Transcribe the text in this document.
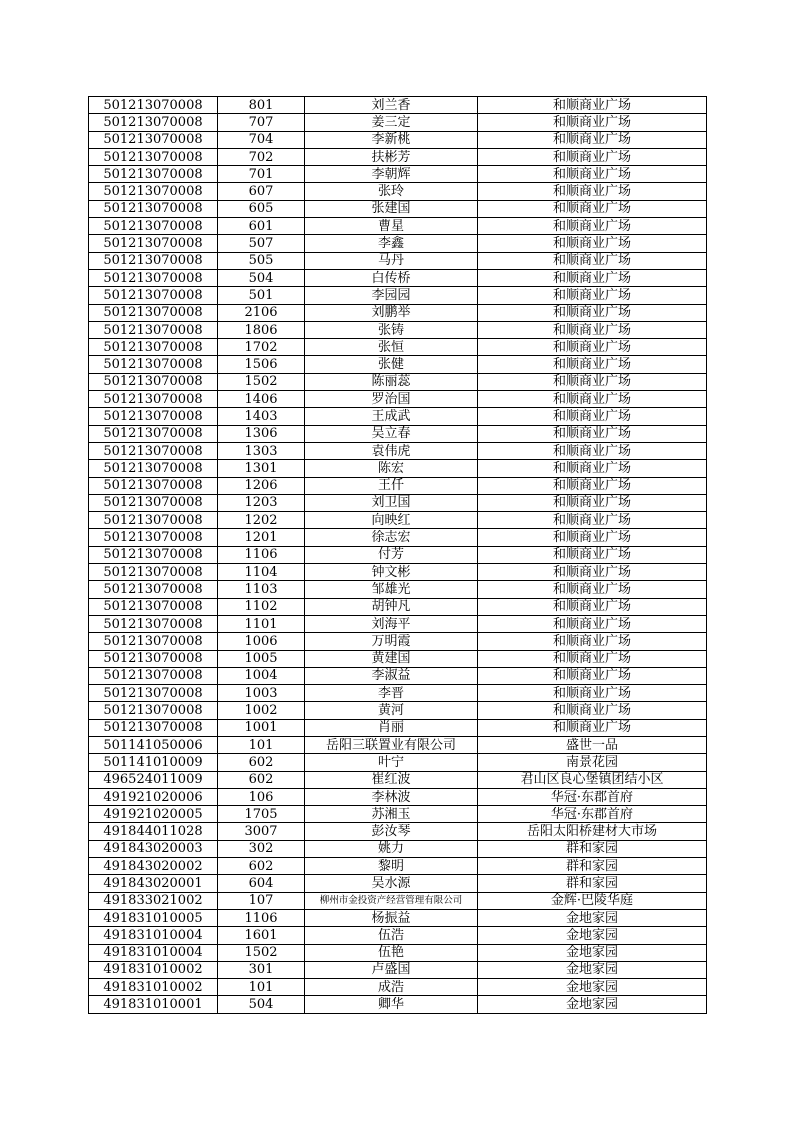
501213070008	801	刘兰香	和顺商业广场
501213070008	707	姜三定	和顺商业广场
501213070008	704	李新桃	和顺商业广场
501213070008	702	扶彬芳	和顺商业广场
501213070008	701	李朝辉	和顺商业广场
501213070008	607	张玲	和顺商业广场
501213070008	605	张建国	和顺商业广场
501213070008	601	曹星	和顺商业广场
501213070008	507	李鑫	和顺商业广场
501213070008	505	马丹	和顺商业广场
501213070008	504	白传桥	和顺商业广场
501213070008	501	李园园	和顺商业广场
501213070008	2106	刘鹏举	和顺商业广场
501213070008	1806	张铸	和顺商业广场
501213070008	1702	张恒	和顺商业广场
501213070008	1506	张健	和顺商业广场
501213070008	1502	陈丽蕊	和顺商业广场
501213070008	1406	罗治国	和顺商业广场
501213070008	1403	王成武	和顺商业广场
501213070008	1306	吴立春	和顺商业广场
501213070008	1303	袁伟虎	和顺商业广场
501213070008	1301	陈宏	和顺商业广场
501213070008	1206	王仟	和顺商业广场
501213070008	1203	刘卫国	和顺商业广场
501213070008	1202	向映红	和顺商业广场
501213070008	1201	徐志宏	和顺商业广场
501213070008	1106	付芳	和顺商业广场
501213070008	1104	钟文彬	和顺商业广场
501213070008	1103	邹雄光	和顺商业广场
501213070008	1102	胡钟凡	和顺商业广场
501213070008	1101	刘海平	和顺商业广场
501213070008	1006	万明霞	和顺商业广场
501213070008	1005	黄建国	和顺商业广场
501213070008	1004	李淑益	和顺商业广场
501213070008	1003	李晋	和顺商业广场
501213070008	1002	黄河	和顺商业广场
501213070008	1001	肖丽	和顺商业广场
501141050006	101	岳阳三联置业有限公司	盛世一品
501141010009	602	叶宁	南景花园
496524011009	602	崔红波	君山区良心堡镇团结小区
491921020006	106	李林波	华冠·东郡首府
491921020005	1705	苏湘玉	华冠·东郡首府
491844011028	3007	彭汝琴	岳阳太阳桥建材大市场
491843020003	302	姚力	群和家园
491843020002	602	黎明	群和家园
491843020001	604	吴水源	群和家园
491833021002	107	柳州市金投资产经营管理有限公司	金辉·巴陵华庭
491831010005	1106	杨振益	金地家园
491831010004	1601	伍浩	金地家园
491831010004	1502	伍艳	金地家园
491831010002	301	卢盛国	金地家园
491831010002	101	成浩	金地家园
491831010001	504	卿华	金地家园
